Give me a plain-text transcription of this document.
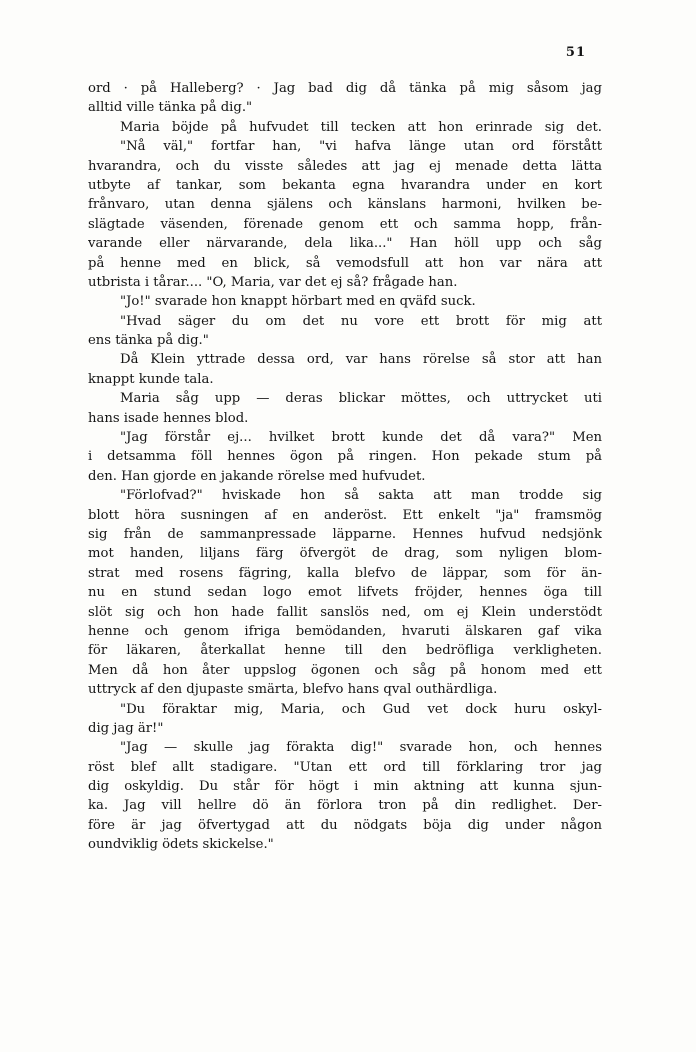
51
ord · på Halleberg? · Jag bad dig då tänka på mig såsom jag
alltid ville tänka på dig."
Maria böjde på hufvudet till tecken att hon erinrade sig det.
"Nå väl," fortfar han, "vi hafva länge utan ord förstått
hvarandra, och du visste således att jag ej menade detta lätta
utbyte af tankar, som bekanta egna hvarandra under en kort
frånvaro, utan denna själens och känslans harmoni, hvilken be-
slägtade väsenden, förenade genom ett och samma hopp, från-
varande eller närvarande, dela lika..." Han höll upp och såg
på henne med en blick, så vemodsfull att hon var nära att
utbrista i tårar.... "O, Maria, var det ej så? frågade han.
"Jo!" svarade hon knappt hörbart med en qväfd suck.
"Hvad säger du om det nu vore ett brott för mig att
ens tänka på dig."
Då Klein yttrade dessa ord, var hans rörelse så stor att han
knappt kunde tala.
Maria såg upp — deras blickar möttes, och uttrycket uti
hans isade hennes blod.
"Jag förstår ej... hvilket brott kunde det då vara?" Men
i detsamma föll hennes ögon på ringen. Hon pekade stum på
den. Han gjorde en jakande rörelse med hufvudet.
"Förlofvad?" hviskade hon så sakta att man trodde sig
blott höra susningen af en anderöst. Ett enkelt "ja" framsmög
sig från de sammanpressade läpparne. Hennes hufvud nedsjönk
mot handen, liljans färg öfvergöt de drag, som nyligen blom-
strat med rosens fägring, kalla blefvo de läppar, som för än-
nu en stund sedan logo emot lifvets fröjder, hennes öga till
slöt sig och hon hade fallit sanslös ned, om ej Klein understödt
henne och genom ifriga bemödanden, hvaruti älskaren gaf vika
för läkaren, återkallat henne till den bedröfliga verkligheten.
Men då hon åter uppslog ögonen och såg på honom med ett
uttryck af den djupaste smärta, blefvo hans qval outhärdliga.
"Du föraktar mig, Maria, och Gud vet dock huru oskyl-
dig jag är!"
"Jag — skulle jag förakta dig!" svarade hon, och hennes
röst blef allt stadigare. "Utan ett ord till förklaring tror jag
dig oskyldig. Du står för högt i min aktning att kunna sjun-
ka. Jag vill hellre dö än förlora tron på din redlighet. Der-
före är jag öfvertygad att du nödgats böja dig under någon
oundviklig ödets skickelse."
